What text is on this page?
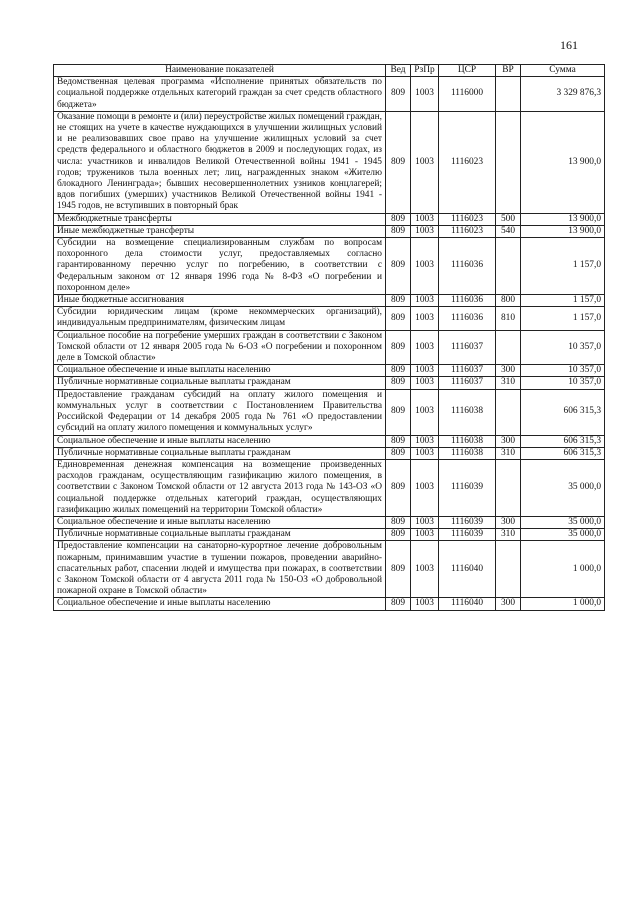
161
Наименование показателей	Вед	РзПр	ЦСР	ВР	Сумма
Ведомственная целевая программа «Исполнение принятых обязательств по социальной поддержке отдельных категорий граждан за счет средств областного бюджета»	809	1003	1116000		3 329 876,3
Оказание помощи в ремонте и (или) переустройстве жилых помещений граждан, не стоящих на учете в качестве нуждающихся в улучшении жилищных условий и не реализовавших свое право на улучшение жилищных условий за счет средств федерального и областного бюджетов в 2009 и последующих годах, из числа: участников и инвалидов Великой Отечественной войны 1941 - 1945 годов; тружеников тыла военных лет; лиц, награжденных знаком «Жителю блокадного Ленинграда»; бывших несовершеннолетних узников концлагерей; вдов погибших (умерших) участников Великой Отечественной войны 1941 - 1945 годов, не вступивших в повторный брак	809	1003	1116023		13 900,0
Межбюджетные трансферты	809	1003	1116023	500	13 900,0
Иные межбюджетные трансферты	809	1003	1116023	540	13 900,0
Субсидии на возмещение специализированным службам по вопросам похоронного дела стоимости услуг, предоставляемых согласно гарантированному перечню услуг по погребению, в соответствии с Федеральным законом от 12 января 1996 года № 8-ФЗ «О погребении и похоронном деле»	809	1003	1116036		1 157,0
Иные бюджетные ассигнования	809	1003	1116036	800	1 157,0
Субсидии юридическим лицам (кроме некоммерческих организаций), индивидуальным предпринимателям, физическим лицам	809	1003	1116036	810	1 157,0
Социальное пособие на погребение умерших граждан в соответствии с Законом Томской области от 12 января 2005 года № 6-ОЗ «О погребении и похоронном деле в Томской области»	809	1003	1116037		10 357,0
Социальное обеспечение и иные выплаты населению	809	1003	1116037	300	10 357,0
Публичные нормативные социальные выплаты гражданам	809	1003	1116037	310	10 357,0
Предоставление гражданам субсидий на оплату жилого помещения и коммунальных услуг в соответствии с Постановлением Правительства Российской Федерации от 14 декабря 2005 года № 761 «О предоставлении субсидий на оплату жилого помещения и коммунальных услуг»	809	1003	1116038		606 315,3
Социальное обеспечение и иные выплаты населению	809	1003	1116038	300	606 315,3
Публичные нормативные социальные выплаты гражданам	809	1003	1116038	310	606 315,3
Единовременная денежная компенсация на возмещение произведенных расходов гражданам, осуществляющим газификацию жилого помещения, в соответствии с Законом Томской области от 12 августа 2013 года № 143-ОЗ «О социальной поддержке отдельных категорий граждан, осуществляющих газификацию жилых помещений на территории Томской области»	809	1003	1116039		35 000,0
Социальное обеспечение и иные выплаты населению	809	1003	1116039	300	35 000,0
Публичные нормативные социальные выплаты гражданам	809	1003	1116039	310	35 000,0
Предоставление компенсации на санаторно-курортное лечение добровольным пожарным, принимавшим участие в тушении пожаров, проведении аварийно-спасательных работ, спасении людей и имущества при пожарах, в соответствии с Законом Томской области от 4 августа 2011 года № 150-ОЗ «О добровольной пожарной охране в Томской области»	809	1003	1116040		1 000,0
Социальное обеспечение и иные выплаты населению	809	1003	1116040	300	1 000,0
